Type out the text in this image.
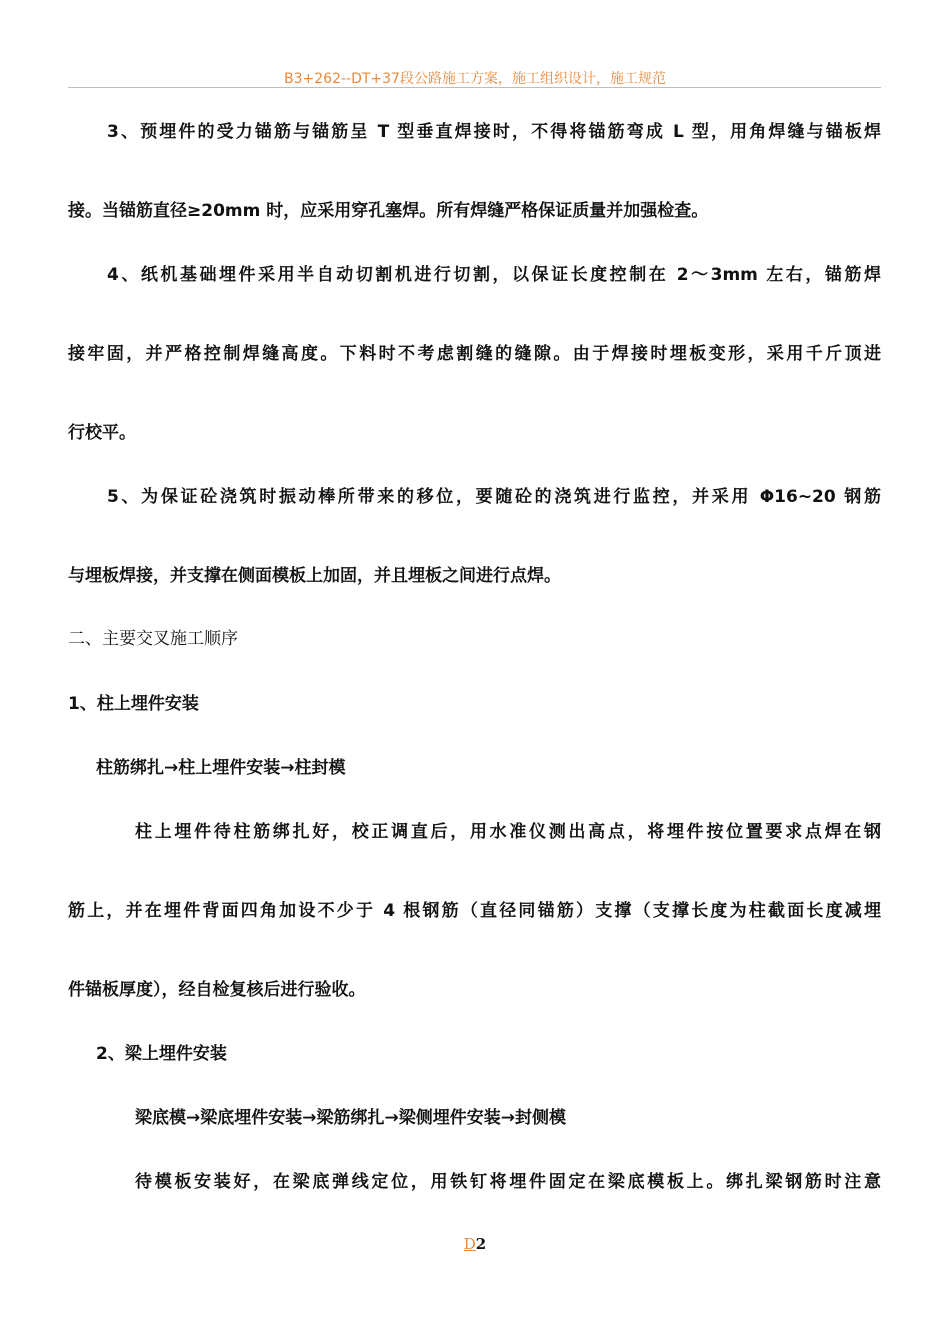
B3+262--DT+37段公路施工方案，施工组织设计，施工规范
3、预埋件的受力锚筋与锚筋呈 T 型垂直焊接时，不得将锚筋弯成 L 型，用角焊缝与锚板焊
接。当锚筋直径≥20mm 时，应采用穿孔塞焊。所有焊缝严格保证质量并加强检查。
4、纸机基础埋件采用半自动切割机进行切割，以保证长度控制在 2～3mm 左右，锚筋焊
接牢固，并严格控制焊缝高度。下料时不考虑割缝的缝隙。由于焊接时埋板变形，采用千斤顶进
行校平。
5、为保证砼浇筑时振动棒所带来的移位，要随砼的浇筑进行监控，并采用 Φ16~20 钢筋
与埋板焊接，并支撑在侧面模板上加固，并且埋板之间进行点焊。
二、主要交叉施工顺序
1、柱上埋件安装
柱筋绑扎→柱上埋件安装→柱封模
柱上埋件待柱筋绑扎好，校正调直后，用水准仪测出高点，将埋件按位置要求点焊在钢
筋上，并在埋件背面四角加设不少于 4 根钢筋（直径同锚筋）支撑（支撑长度为柱截面长度减埋
件锚板厚度），经自检复核后进行验收。
2、梁上埋件安装
梁底模→梁底埋件安装→梁筋绑扎→梁侧埋件安装→封侧模
待模板安装好，在梁底弹线定位，用铁钉将埋件固定在梁底模板上。绑扎梁钢筋时注意
D2
